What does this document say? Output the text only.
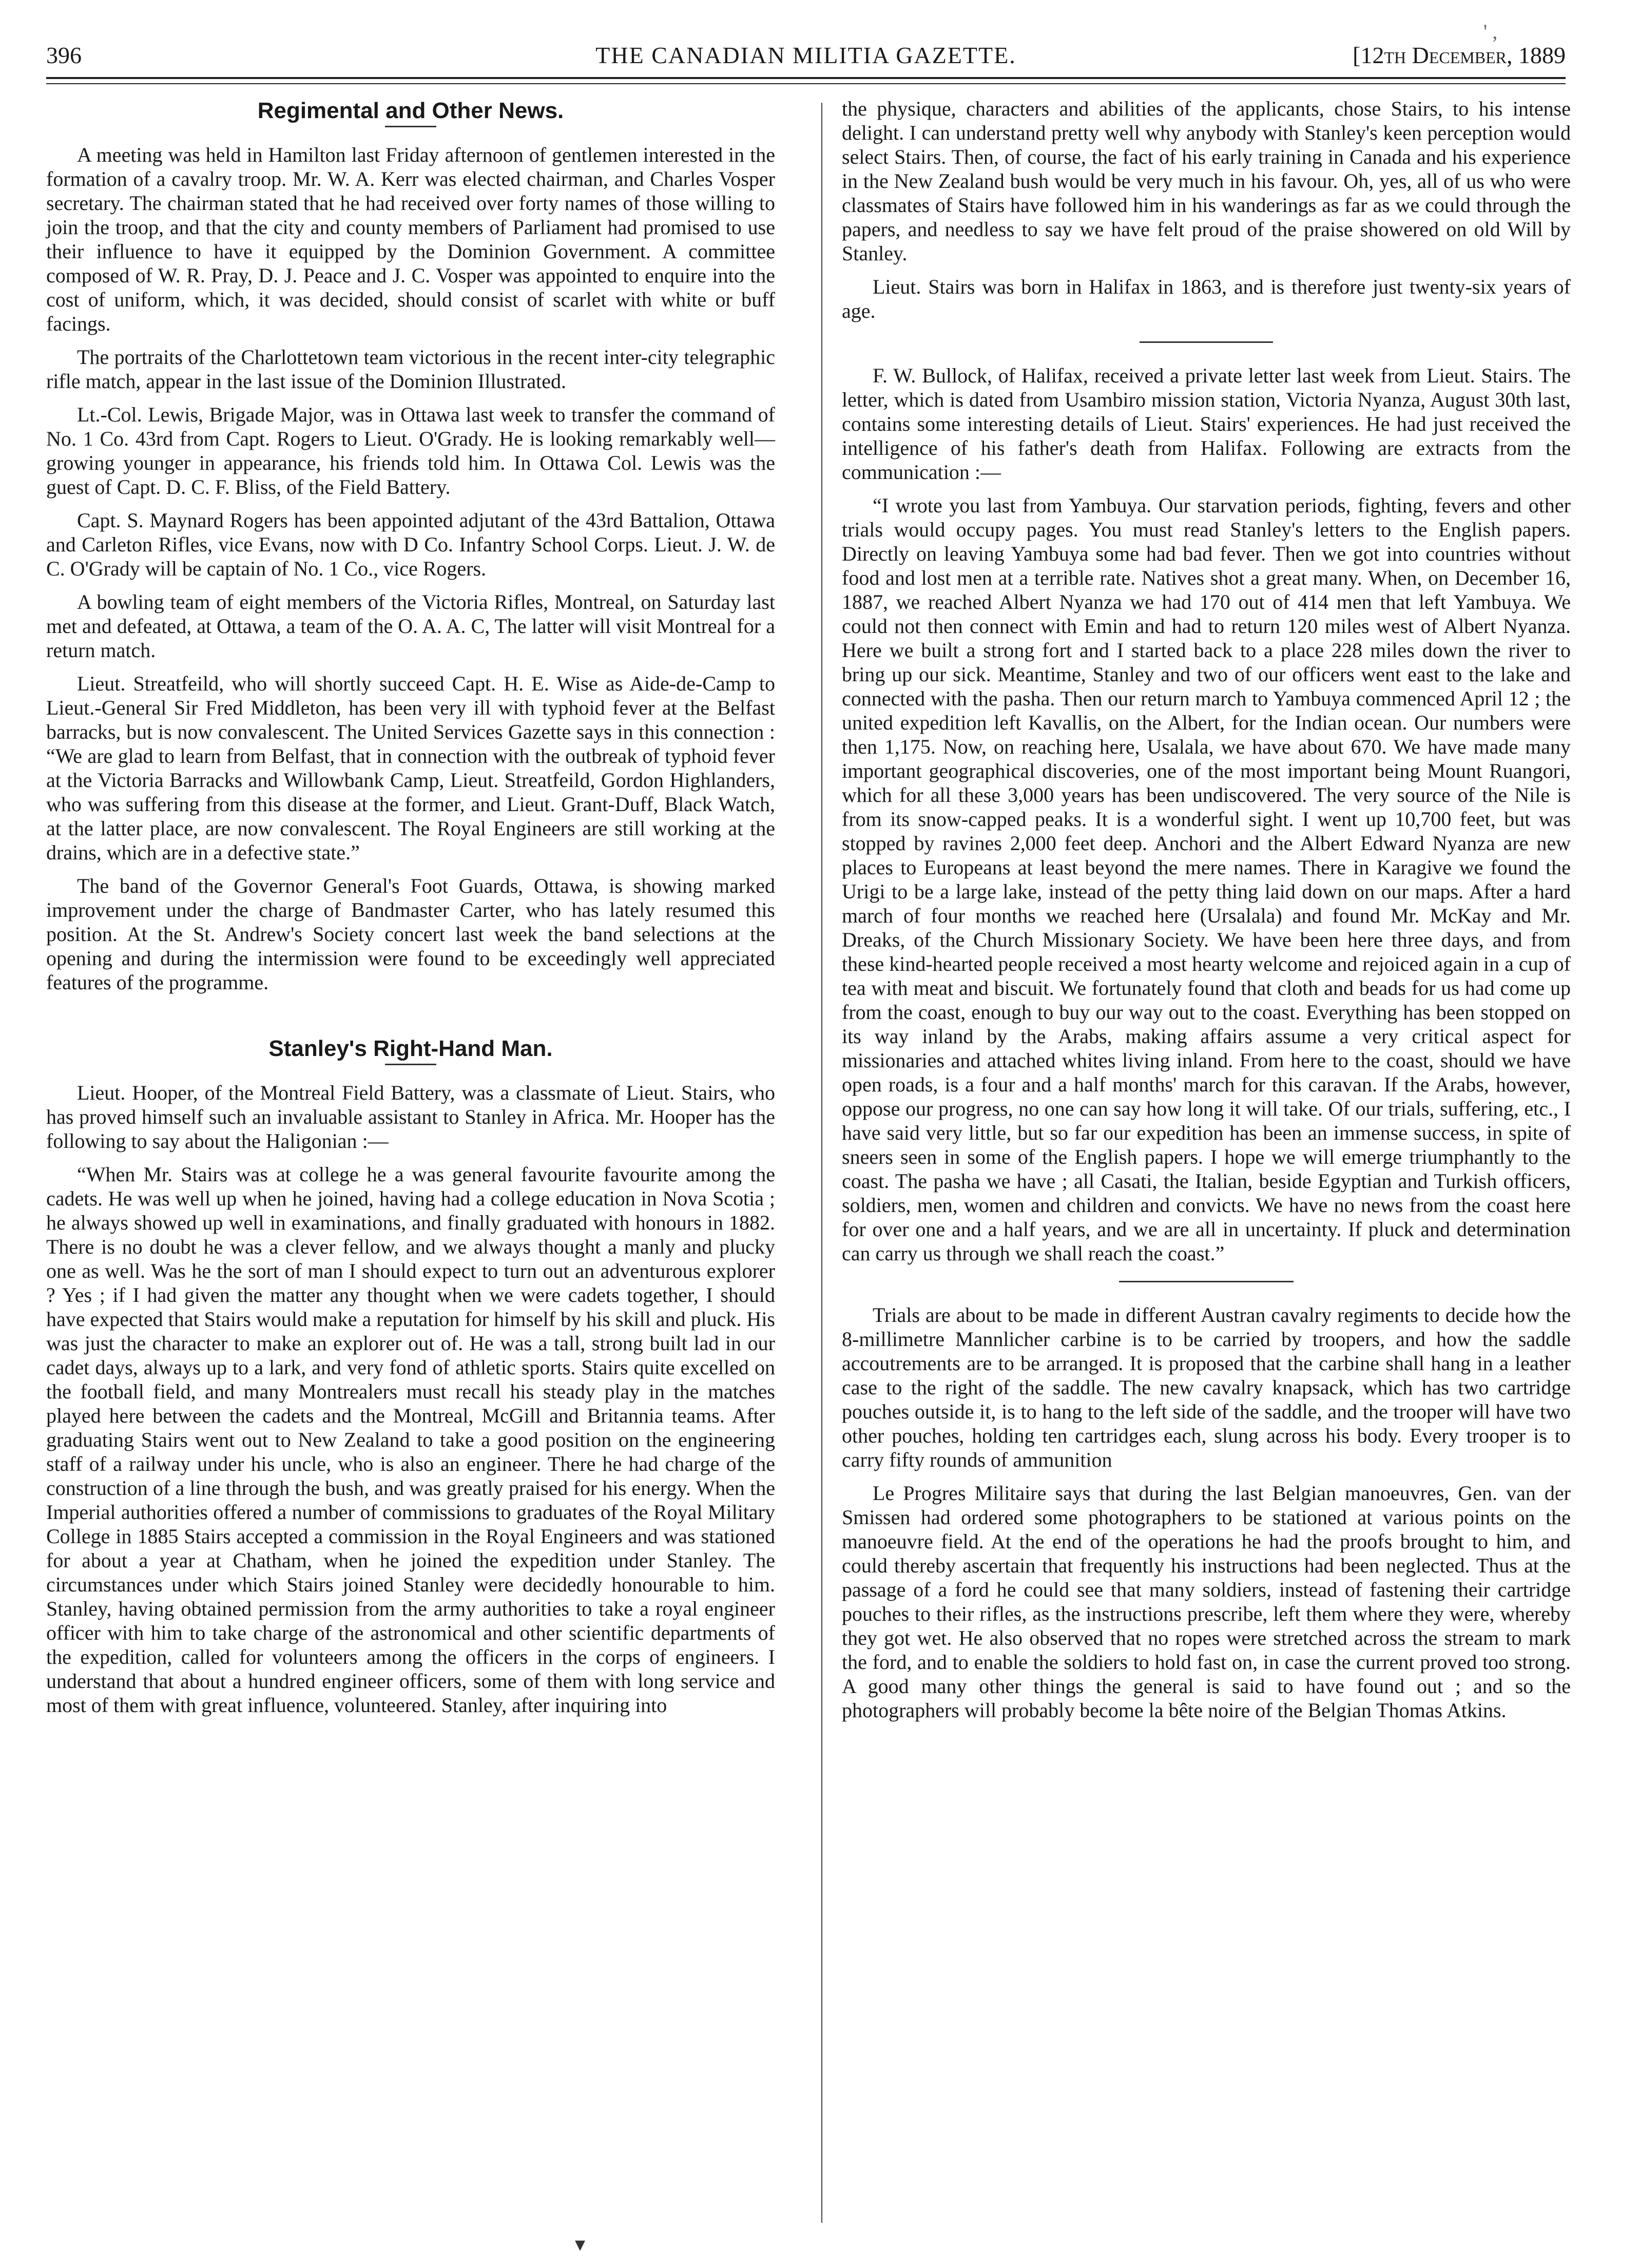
396	THE CANADIAN MILITIA GAZETTE.	[12th December, 1889
Regimental and Other News.

A meeting was held in Hamilton last Friday afternoon of gentlemen interested in the formation of a cavalry troop. Mr. W. A. Kerr was elected chairman, and Charles Vosper secretary. The chairman stated that he had received over forty names of those willing to join the troop, and that the city and county members of Parliament had promised to use their influence to have it equipped by the Dominion Government. A committee composed of W. R. Pray, D. J. Peace and J. C. Vosper was appointed to enquire into the cost of uniform, which, it was decided, should consist of scarlet with white or buff facings.

The portraits of the Charlottetown team victorious in the recent inter-city telegraphic rifle match, appear in the last issue of the Dominion Illustrated.

Lt.-Col. Lewis, Brigade Major, was in Ottawa last week to transfer the command of No. 1 Co. 43rd from Capt. Rogers to Lieut. O'Grady. He is looking remarkably well—growing younger in appearance, his friends told him. In Ottawa Col. Lewis was the guest of Capt. D. C. F. Bliss, of the Field Battery.

Capt. S. Maynard Rogers has been appointed adjutant of the 43rd Battalion, Ottawa and Carleton Rifles, vice Evans, now with D Co. Infantry School Corps. Lieut. J. W. de C. O'Grady will be captain of No. 1 Co., vice Rogers.

A bowling team of eight members of the Victoria Rifles, Montreal, on Saturday last met and defeated, at Ottawa, a team of the O. A. A. C, The latter will visit Montreal for a return match.

Lieut. Streatfeild, who will shortly succeed Capt. H. E. Wise as Aide-de-Camp to Lieut.-General Sir Fred Middleton, has been very ill with typhoid fever at the Belfast barracks, but is now convalescent. The United Services Gazette says in this connection : “We are glad to learn from Belfast, that in connection with the outbreak of typhoid fever at the Victoria Barracks and Willowbank Camp, Lieut. Streatfeild, Gordon Highlanders, who was suffering from this disease at the former, and Lieut. Grant-Duff, Black Watch, at the latter place, are now convalescent. The Royal Engineers are still working at the drains, which are in a defective state.”

The band of the Governor General's Foot Guards, Ottawa, is showing marked improvement under the charge of Bandmaster Carter, who has lately resumed this position. At the St. Andrew's Society concert last week the band selections at the opening and during the intermission were found to be exceedingly well appreciated features of the programme.

Stanley's Right-Hand Man.

Lieut. Hooper, of the Montreal Field Battery, was a classmate of Lieut. Stairs, who has proved himself such an invaluable assistant to Stanley in Africa. Mr. Hooper has the following to say about the Haligonian :—

“When Mr. Stairs was at college he a was general favourite favourite among the cadets. He was well up when he joined, having had a college education in Nova Scotia ; he always showed up well in examinations, and finally graduated with honours in 1882. There is no doubt he was a clever fellow, and we always thought a manly and plucky one as well. Was he the sort of man I should expect to turn out an adventurous explorer ? Yes ; if I had given the matter any thought when we were cadets together, I should have expected that Stairs would make a reputation for himself by his skill and pluck. His was just the character to make an explorer out of. He was a tall, strong built lad in our cadet days, always up to a lark, and very fond of athletic sports. Stairs quite excelled on the football field, and many Montrealers must recall his steady play in the matches played here between the cadets and the Montreal, McGill and Britannia teams. After graduating Stairs went out to New Zealand to take a good position on the engineering staff of a railway under his uncle, who is also an engineer. There he had charge of the construction of a line through the bush, and was greatly praised for his energy. When the Imperial authorities offered a number of commissions to graduates of the Royal Military College in 1885 Stairs accepted a commission in the Royal Engineers and was stationed for about a year at Chatham, when he joined the expedition under Stanley. The circumstances under which Stairs joined Stanley were decidedly honourable to him. Stanley, having obtained permission from the army authorities to take a royal engineer officer with him to take charge of the astronomical and other scientific departments of the expedition, called for volunteers among the officers in the corps of engineers. I understand that about a hundred engineer officers, some of them with long service and most of them with great influence, volunteered. Stanley, after inquiring into

the physique, characters and abilities of the applicants, chose Stairs, to his intense delight. I can understand pretty well why anybody with Stanley's keen perception would select Stairs. Then, of course, the fact of his early training in Canada and his experience in the New Zealand bush would be very much in his favour. Oh, yes, all of us who were classmates of Stairs have followed him in his wanderings as far as we could through the papers, and needless to say we have felt proud of the praise showered on old Will by Stanley.

Lieut. Stairs was born in Halifax in 1863, and is therefore just twenty-six years of age.

F. W. Bullock, of Halifax, received a private letter last week from Lieut. Stairs. The letter, which is dated from Usambiro mission station, Victoria Nyanza, August 30th last, contains some interesting details of Lieut. Stairs' experiences. He had just received the intelligence of his father's death from Halifax. Following are extracts from the communication :—

“I wrote you last from Yambuya. Our starvation periods, fighting, fevers and other trials would occupy pages. You must read Stanley's letters to the English papers. Directly on leaving Yambuya some had bad fever. Then we got into countries without food and lost men at a terrible rate. Natives shot a great many. When, on December 16, 1887, we reached Albert Nyanza we had 170 out of 414 men that left Yambuya. We could not then connect with Emin and had to return 120 miles west of Albert Nyanza. Here we built a strong fort and I started back to a place 228 miles down the river to bring up our sick. Meantime, Stanley and two of our officers went east to the lake and connected with the pasha. Then our return march to Yambuya commenced April 12 ; the united expedition left Kavallis, on the Albert, for the Indian ocean. Our numbers were then 1,175. Now, on reaching here, Usalala, we have about 670. We have made many important geographical discoveries, one of the most important being Mount Ruangori, which for all these 3,000 years has been undiscovered. The very source of the Nile is from its snow-capped peaks. It is a wonderful sight. I went up 10,700 feet, but was stopped by ravines 2,000 feet deep. Anchori and the Albert Edward Nyanza are new places to Europeans at least beyond the mere names. There in Karagive we found the Urigi to be a large lake, instead of the petty thing laid down on our maps. After a hard march of four months we reached here (Ursalala) and found Mr. McKay and Mr. Dreaks, of the Church Missionary Society. We have been here three days, and from these kind-hearted people received a most hearty welcome and rejoiced again in a cup of tea with meat and biscuit. We fortunately found that cloth and beads for us had come up from the coast, enough to buy our way out to the coast. Everything has been stopped on its way inland by the Arabs, making affairs assume a very critical aspect for missionaries and attached whites living inland. From here to the coast, should we have open roads, is a four and a half months' march for this caravan. If the Arabs, however, oppose our progress, no one can say how long it will take. Of our trials, suffering, etc., I have said very little, but so far our expedition has been an immense success, in spite of sneers seen in some of the English papers. I hope we will emerge triumphantly to the coast. The pasha we have ; all Casati, the Italian, beside Egyptian and Turkish officers, soldiers, men, women and children and convicts. We have no news from the coast here for over one and a half years, and we are all in uncertainty. If pluck and determination can carry us through we shall reach the coast.”

Trials are about to be made in different Austran cavalry regiments to decide how the 8-millimetre Mannlicher carbine is to be carried by troopers, and how the saddle accoutrements are to be arranged. It is proposed that the carbine shall hang in a leather case to the right of the saddle. The new cavalry knapsack, which has two cartridge pouches outside it, is to hang to the left side of the saddle, and the trooper will have two other pouches, holding ten cartridges each, slung across his body. Every trooper is to carry fifty rounds of ammunition

Le Progres Militaire says that during the last Belgian manoeuvres, Gen. van der Smissen had ordered some photographers to be stationed at various points on the manoeuvre field. At the end of the operations he had the proofs brought to him, and could thereby ascertain that frequently his instructions had been neglected. Thus at the passage of a ford he could see that many soldiers, instead of fastening their cartridge pouches to their rifles, as the instructions prescribe, left them where they were, whereby they got wet. He also observed that no ropes were stretched across the stream to mark the ford, and to enable the soldiers to hold fast on, in case the current proved too strong. A good many other things the general is said to have found out ; and so the photographers will probably become la bête noire of the Belgian Thomas Atkins.

' ,
▾
